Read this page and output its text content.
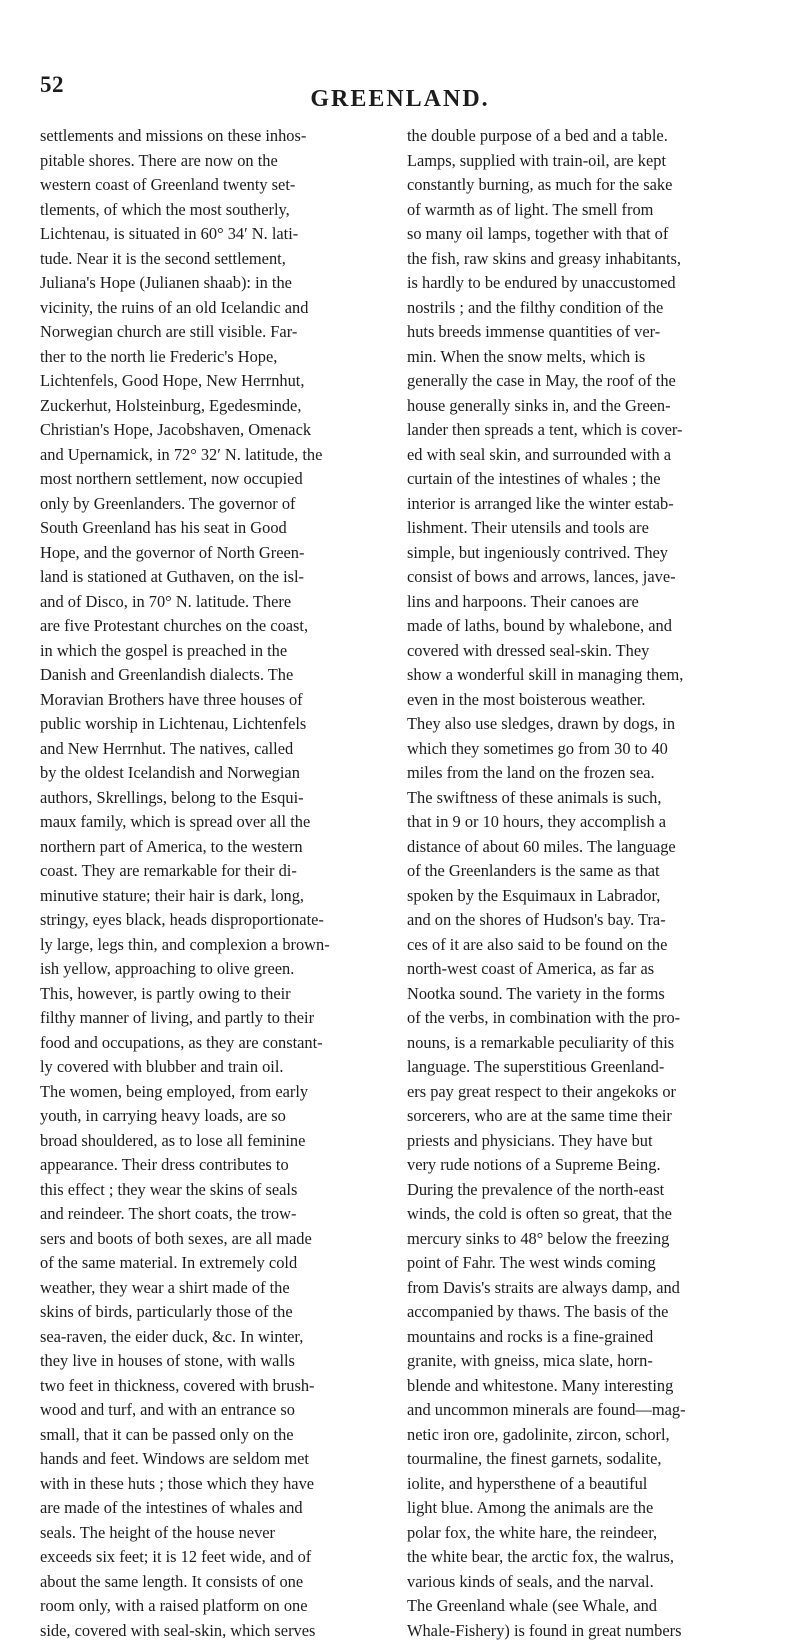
52
GREENLAND.

settlements and missions on these inhos-

pitable shores. There are now on the

western coast of Greenland twenty set-

tlements, of which the most southerly,

Lichtenau, is situated in 60° 34′ N. lati-

tude. Near it is the second settlement,

Juliana's Hope (Julianen shaab): in the

vicinity, the ruins of an old Icelandic and

Norwegian church are still visible. Far-

ther to the north lie Frederic's Hope,

Lichtenfels, Good Hope, New Herrnhut,

Zuckerhut, Holsteinburg, Egedesminde,

Christian's Hope, Jacobshaven, Omenack

and Upernamick, in 72° 32′ N. latitude, the

most northern settlement, now occupied

only by Greenlanders. The governor of

South Greenland has his seat in Good

Hope, and the governor of North Green-

land is stationed at Guthaven, on the isl-

and of Disco, in 70° N. latitude. There

are five Protestant churches on the coast,

in which the gospel is preached in the

Danish and Greenlandish dialects. The

Moravian Brothers have three houses of

public worship in Lichtenau, Lichtenfels

and New Herrnhut. The natives, called

by the oldest Icelandish and Norwegian

authors, Skrellings, belong to the Esqui-

maux family, which is spread over all the

northern part of America, to the western

coast. They are remarkable for their di-

minutive stature; their hair is dark, long,

stringy, eyes black, heads disproportionate-

ly large, legs thin, and complexion a brown-

ish yellow, approaching to olive green.

This, however, is partly owing to their

filthy manner of living, and partly to their

food and occupations, as they are constant-

ly covered with blubber and train oil.

The women, being employed, from early

youth, in carrying heavy loads, are so

broad shouldered, as to lose all feminine

appearance. Their dress contributes to

this effect ; they wear the skins of seals

and reindeer. The short coats, the trow-

sers and boots of both sexes, are all made

of the same material. In extremely cold

weather, they wear a shirt made of the

skins of birds, particularly those of the

sea-raven, the eider duck, &c. In winter,

they live in houses of stone, with walls

two feet in thickness, covered with brush-

wood and turf, and with an entrance so

small, that it can be passed only on the

hands and feet. Windows are seldom met

with in these huts ; those which they have

are made of the intestines of whales and

seals. The height of the house never

exceeds six feet; it is 12 feet wide, and of

about the same length. It consists of one

room only, with a raised platform on one

side, covered with seal-skin, which serves

the double purpose of a bed and a table.

Lamps, supplied with train-oil, are kept

constantly burning, as much for the sake

of warmth as of light. The smell from

so many oil lamps, together with that of

the fish, raw skins and greasy inhabitants,

is hardly to be endured by unaccustomed

nostrils ; and the filthy condition of the

huts breeds immense quantities of ver-

min. When the snow melts, which is

generally the case in May, the roof of the

house generally sinks in, and the Green-

lander then spreads a tent, which is cover-

ed with seal skin, and surrounded with a

curtain of the intestines of whales ; the

interior is arranged like the winter estab-

lishment. Their utensils and tools are

simple, but ingeniously contrived. They

consist of bows and arrows, lances, jave-

lins and harpoons. Their canoes are

made of laths, bound by whalebone, and

covered with dressed seal-skin. They

show a wonderful skill in managing them,

even in the most boisterous weather.

They also use sledges, drawn by dogs, in

which they sometimes go from 30 to 40

miles from the land on the frozen sea.

The swiftness of these animals is such,

that in 9 or 10 hours, they accomplish a

distance of about 60 miles. The language

of the Greenlanders is the same as that

spoken by the Esquimaux in Labrador,

and on the shores of Hudson's bay. Tra-

ces of it are also said to be found on the

north-west coast of America, as far as

Nootka sound. The variety in the forms

of the verbs, in combination with the pro-

nouns, is a remarkable peculiarity of this

language. The superstitious Greenland-

ers pay great respect to their angekoks or

sorcerers, who are at the same time their

priests and physicians. They have but

very rude notions of a Supreme Being.

During the prevalence of the north-east

winds, the cold is often so great, that the

mercury sinks to 48° below the freezing

point of Fahr. The west winds coming

from Davis's straits are always damp, and

accompanied by thaws. The basis of the

mountains and rocks is a fine-grained

granite, with gneiss, mica slate, horn-

blende and whitestone. Many interesting

and uncommon minerals are found—mag-

netic iron ore, gadolinite, zircon, schorl,

tourmaline, the finest garnets, sodalite,

iolite, and hypersthene of a beautiful

light blue. Among the animals are the

polar fox, the white hare, the reindeer,

the white bear, the arctic fox, the walrus,

various kinds of seals, and the narval.

The Greenland whale (see Whale, and

Whale-Fishery) is found in great numbers
